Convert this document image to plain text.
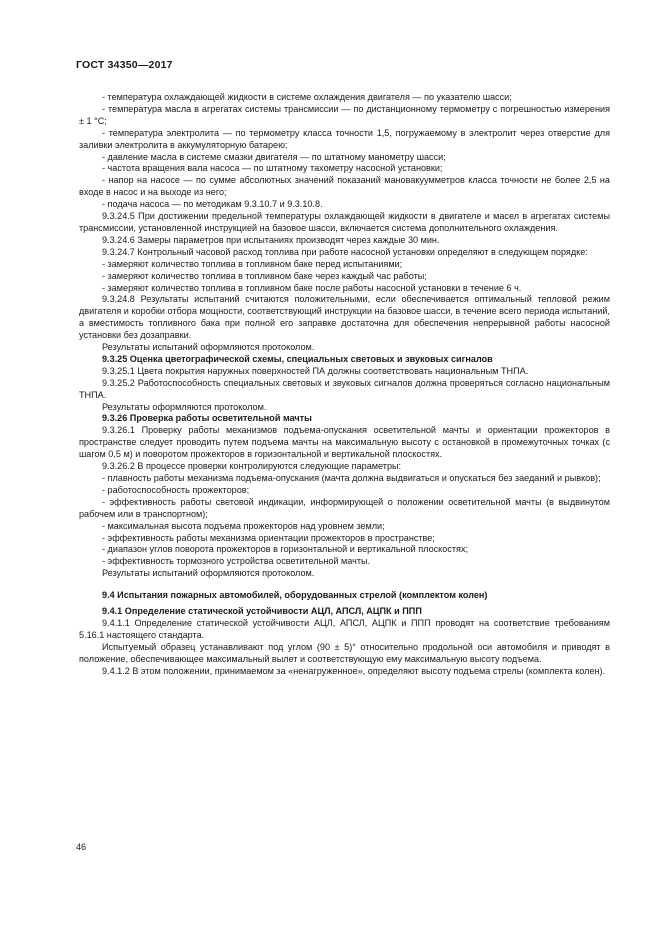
ГОСТ 34350—2017

- температура охлаждающей жидкости в системе охлаждения двигателя — по указателю шасси;

- температура масла в агрегатах системы трансмиссии — по дистанционному термометру с погрешностью измерения ± 1 °С;

- температура электролита — по термометру класса точности 1,5, погружаемому в электролит через отверстие для заливки электролита в аккумуляторную батарею;

- давление масла в системе смазки двигателя — по штатному манометру шасси;

- частота вращения вала насоса — по штатному тахометру насосной установки;

- напор на насосе — по сумме абсолютных значений показаний мановакуумметров класса точности не более 2,5 на входе в насос и на выходе из него;

- подача насоса — по методикам 9.3.10.7 и 9.3.10.8.

9.3.24.5 При достижении предельной температуры охлаждающей жидкости в двигателе и масел в агрегатах системы трансмиссии, установленной инструкцией на базовое шасси, включается система дополнительного охлаждения.

9.3.24.6 Замеры параметров при испытаниях производят через каждые 30 мин.

9.3.24.7 Контрольный часовой расход топлива при работе насосной установки определяют в следующем порядке:

- замеряют количество топлива в топливном баке перед испытаниями;

- замеряют количество топлива в топливном баке через каждый час работы;

- замеряют количество топлива в топливном баке после работы насосной установки в течение 6 ч.

9.3.24.8 Результаты испытаний считаются положительными, если обеспечивается оптимальный тепловой режим двигателя и коробки отбора мощности, соответствующий инструкции на базовое шасси, в течение всего периода испытаний, а вместимость топливного бака при полной его заправке достаточна для обеспечения непрерывной работы насосной установки без дозаправки.

Результаты испытаний оформляются протоколом.

9.3.25 Оценка цветографической схемы, специальных световых и звуковых сигналов

9.3.25.1 Цвета покрытия наружных поверхностей ПА должны соответствовать национальным ТНПА.

9.3.25.2 Работоспособность специальных световых и звуковых сигналов должна проверяться согласно национальным ТНПА.

Результаты оформляются протоколом.

9.3.26 Проверка работы осветительной мачты

9.3.26.1 Проверку работы механизмов подъема-опускания осветительной мачты и ориентации прожекторов в пространстве следует проводить путем подъема мачты на максимальную высоту с остановкой в промежуточных точках (с шагом 0,5 м) и поворотом прожекторов в горизонтальной и вертикальной плоскостях.

9.3.26.2 В процессе проверки контролируются следующие параметры:

- плавность работы механизма подъема-опускания (мачта должна выдвигаться и опускаться без заеданий и рывков);

- работоспособность прожекторов;

- эффективность работы световой индикации, информирующей о положении осветительной мачты (в выдвинутом рабочем или в транспортном);

- максимальная высота подъема прожекторов над уровнем земли;

- эффективность работы механизма ориентации прожекторов в пространстве;

- диапазон углов поворота прожекторов в горизонтальной и вертикальной плоскостях;

- эффективность тормозного устройства осветительной мачты.

Результаты испытаний оформляются протоколом.

9.4 Испытания пожарных автомобилей, оборудованных стрелой (комплектом колен)

9.4.1 Определение статической устойчивости АЦЛ, АПСЛ, АЦПК и ППП

9.4.1.1 Определение статической устойчивости АЦЛ, АПСЛ, АЦПК и ППП проводят на соответствие требованиям 5.16.1 настоящего стандарта.

Испытуемый образец устанавливают под углом (90 ± 5)° относительно продольной оси автомобиля и приводят в положение, обеспечивающее максимальный вылет и соответствующую ему максимальную высоту подъема.

9.4.1.2 В этом положении, принимаемом за «ненагруженное», определяют высоту подъема стрелы (комплекта колен).

46
